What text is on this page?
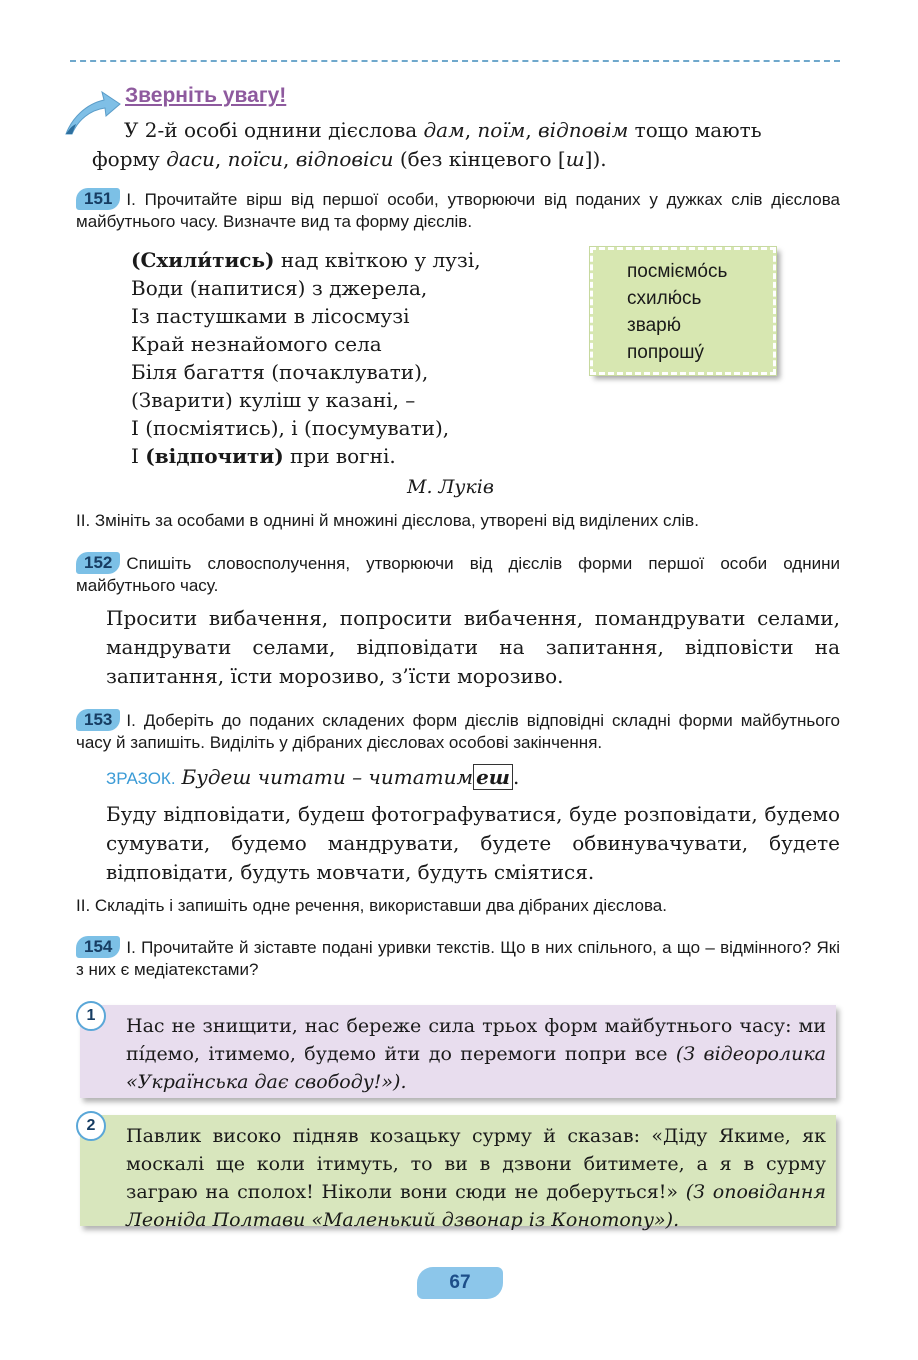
Зверніть увагу!
У 2-й особі однини дієслова дам, поїм, відповім тощо мають
форму даси, поїси, відповіси (без кінцевого [ш]).
151 І. Прочитайте вірш від першої особи, утворюючи від поданих у дужках слів дієслова майбутнього часу. Визначте вид та форму дієслів.
(Схили́тись) над квіткою у лузі,
Води (напитися) з джерела,
Із пастушками в лісосмузі
Край незнайомого села
Біля багаття (почаклувати),
(Зварити) куліш у казані, –
І (посміятись), і (посумувати),
І (відпочити) при вогні.
М. Луків
посміємо́сь
схилю́сь
зварю́
попрошу́
ІІ. Змініть за особами в однині й множині дієслова, утворені від виділених слів.
152 Спишіть словосполучення, утворюючи від дієслів форми першої особи однини майбутнього часу.
Просити вибачення, попросити вибачення, помандрувати селами, мандрувати селами, відповідати на запитання, відповісти на запитання, їсти морозиво, з’їсти морозиво.
153 І. Доберіть до поданих складених форм дієслів відповідні складні форми майбутнього часу й запишіть. Виділіть у дібраних дієсловах особові закінчення.
ЗРАЗОК. Будеш читати – читатим еш .
Буду відповідати, будеш фотографуватися, буде розповідати, будемо сумувати, будемо мандрувати, будете обвинувачувати, будете відповідати, будуть мовчати, будуть сміятися.
ІІ. Складіть і запишіть одне речення, використавши два дібраних дієслова.
154 І. Прочитайте й зіставте подані уривки текстів. Що в них спільного, а що – відмінного? Які з них є медіатекстами?
Нас не знищити, нас береже сила трьох форм майбутнього часу: ми пі́демо, ітимемо, будемо йти до перемоги попри все (З відеоролика «Українська дає свободу!»).
1
Павлик високо підняв козацьку сурму й сказав: «Діду Якиме, як москалі ще коли ітимуть, то ви в дзвони битимете, а я в сурму заграю на сполох! Ніколи вони сюди не доберуться!» (З оповідання Леоніда Полтави «Маленький дзвонар із Конотопу»).
2
67
